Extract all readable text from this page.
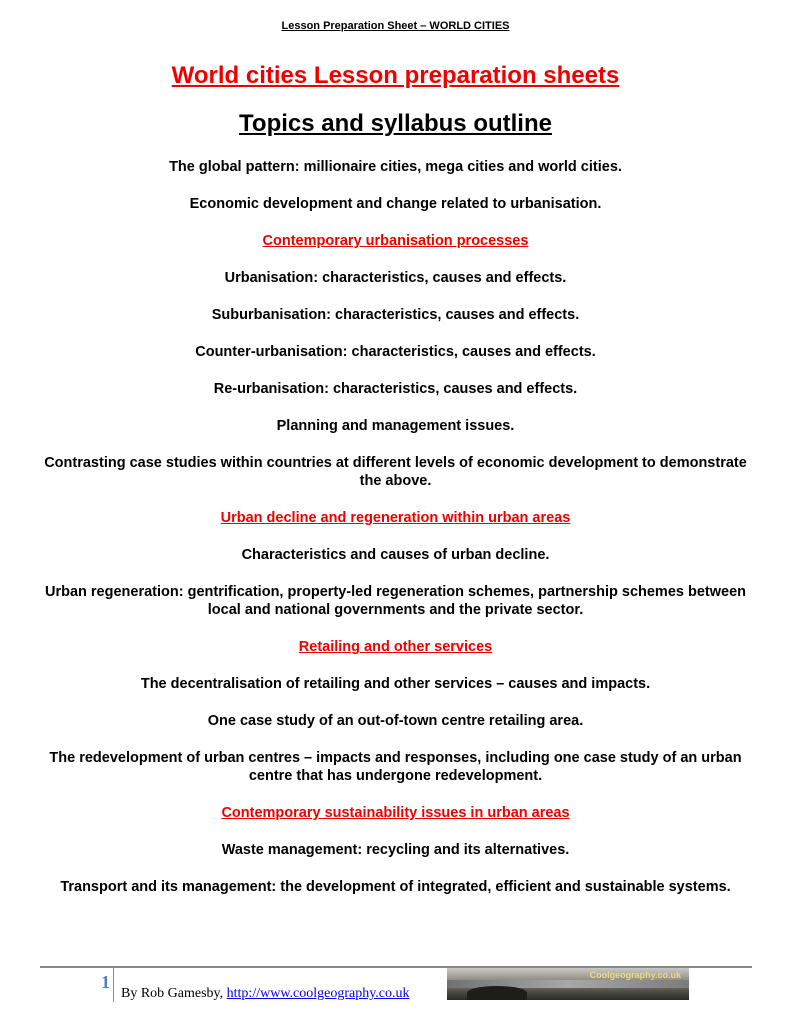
Lesson Preparation Sheet – WORLD CITIES
World cities Lesson preparation sheets
Topics and syllabus outline

The global pattern: millionaire cities, mega cities and world cities.

Economic development and change related to urbanisation.

Contemporary urbanisation processes

Urbanisation: characteristics, causes and effects.

Suburbanisation: characteristics, causes and effects.

Counter-urbanisation: characteristics, causes and effects.

Re-urbanisation: characteristics, causes and effects.

Planning and management issues.

Contrasting case studies within countries at different levels of economic development to demonstrate the above.

Urban decline and regeneration within urban areas

Characteristics and causes of urban decline.

Urban regeneration: gentrification, property-led regeneration schemes, partnership schemes between local and national governments and the private sector.

Retailing and other services

The decentralisation of retailing and other services – causes and impacts.

One case study of an out-of-town centre retailing area.

The redevelopment of urban centres – impacts and responses, including one case study of an urban centre that has undergone redevelopment.

Contemporary sustainability issues in urban areas

Waste management: recycling and its alternatives.

Transport and its management: the development of integrated, efficient and sustainable systems.

1
By Rob Gamesby, http://www.coolgeography.co.uk
Coolgeography.co.uk
